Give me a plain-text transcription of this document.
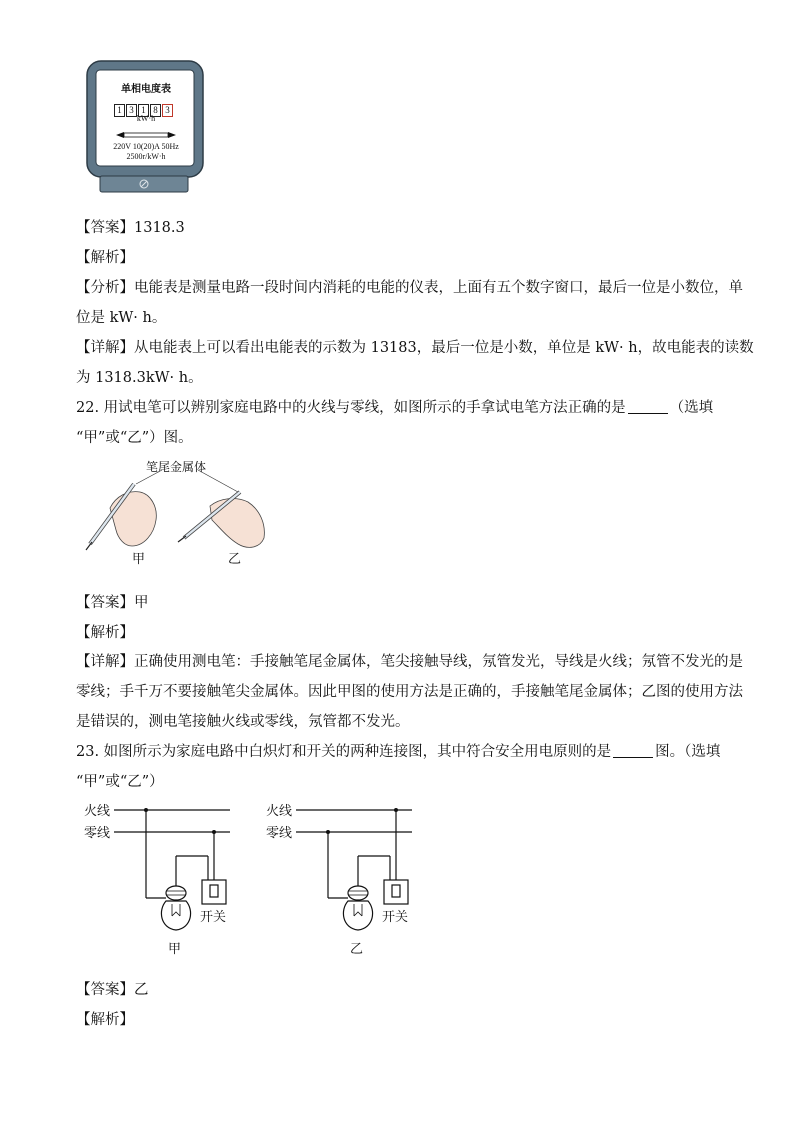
单相电度表
1 3 1 8 3
kW·h
220V 10(20)A 50Hz
2500r/kW·h
【答案】1318.3
【解析】
【分析】电能表是测量电路一段时间内消耗的电能的仪表，上面有五个数字窗口，最后一位是小数位，单
位是 kW· h。
【详解】从电能表上可以看出电能表的示数为 13183，最后一位是小数，单位是 kW· h，故电能表的读数
为 1318.3kW· h。
22. 用试电笔可以辨别家庭电路中的火线与零线，如图所示的手拿试电笔方法正确的是	（选填
“甲”或“乙”）图。
笔尾金属体
甲	乙
【答案】甲
【解析】
【详解】正确使用测电笔：手接触笔尾金属体，笔尖接触导线，氖管发光，导线是火线；氖管不发光的是
零线；手千万不要接触笔尖金属体。因此甲图的使用方法是正确的，手接触笔尾金属体；乙图的使用方法
是错误的，测电笔接触火线或零线，氖管都不发光。
23. 如图所示为家庭电路中白炽灯和开关的两种连接图，其中符合安全用电原则的是	图。（选填
“甲”或“乙”）
火线
零线
开关
甲
火线
零线
开关
乙
【答案】乙
【解析】
